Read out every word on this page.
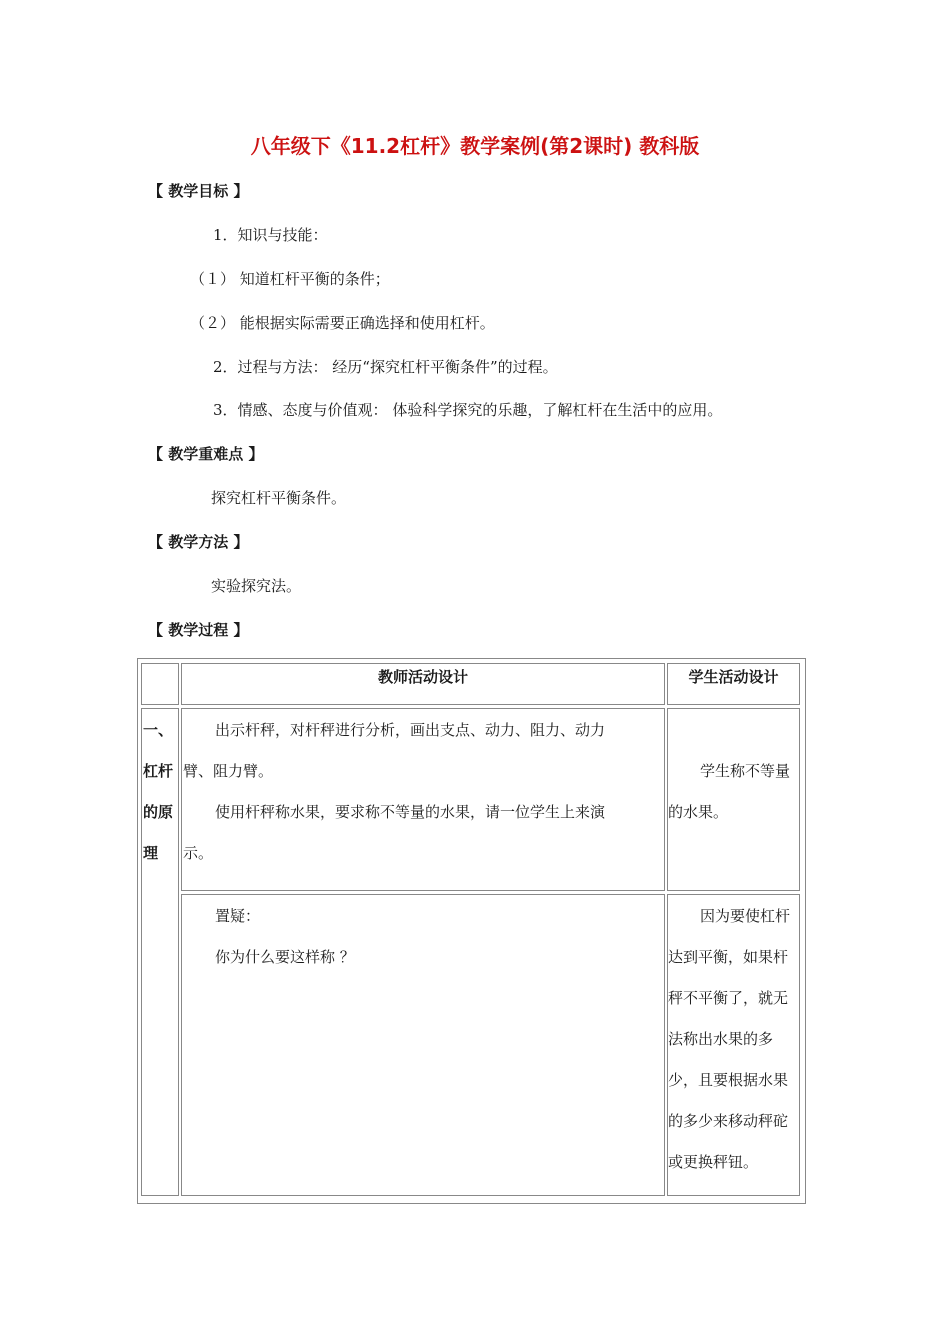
八年级下《11.2杠杆》教学案例(第2课时) 教科版
【 教学目标 】
1．知识与技能：
（１） 知道杠杆平衡的条件；
（２） 能根据实际需要正确选择和使用杠杆。
2．过程与方法： 经历“探究杠杆平衡条件”的过程。
3．情感、态度与价值观： 体验科学探究的乐趣，了解杠杆在生活中的应用。
【 教学重难点 】
探究杠杆平衡条件。
【 教学方法 】
实验探究法。
【 教学过程 】
教师活动设计	学生活动设计
一、
杠杆
的原
理
出示杆秤，对杆秤进行分析，画出支点、动力、阻力、动力
臂、阻力臂。
使用杆秤称水果，要求称不等量的水果，请一位学生上来演
示。
学生称不等量
的水果。
置疑：
你为什么要这样称 ？
因为要使杠杆
达到平衡，如果杆
秤不平衡了，就无
法称出水果的多
少，且要根据水果
的多少来移动秤砣
或更换秤钮。
